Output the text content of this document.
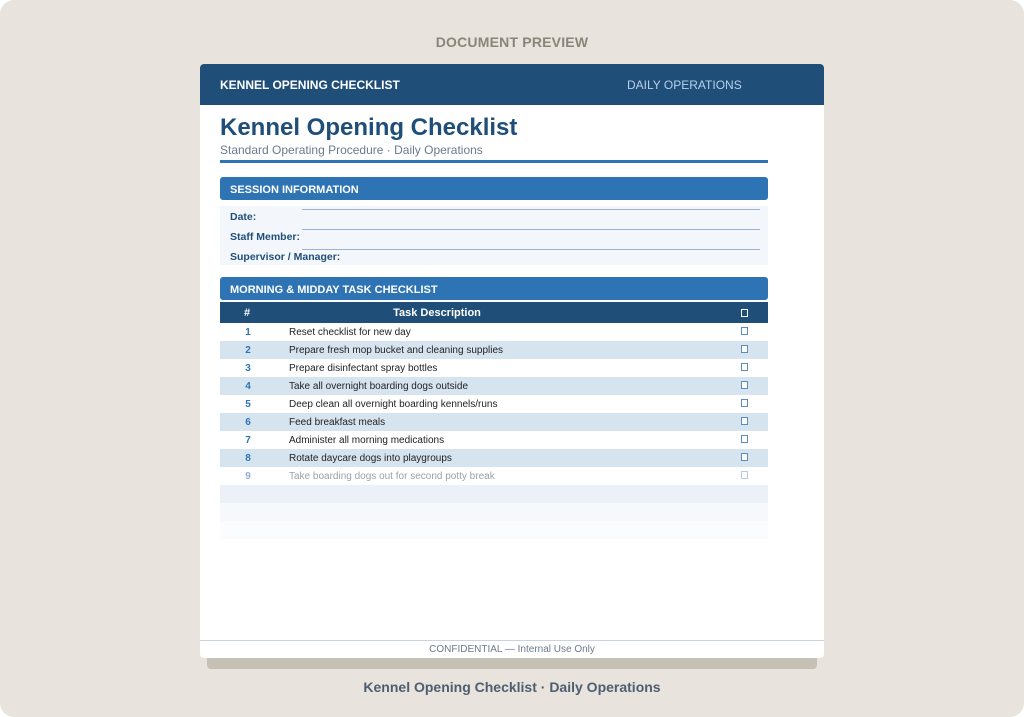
DOCUMENT PREVIEW
KENNEL OPENING CHECKLIST	DAILY OPERATIONS
Kennel Opening Checklist
Standard Operating Procedure · Daily Operations
SESSION INFORMATION
Date:
Staff Member:
Supervisor / Manager:
MORNING & MIDDAY TASK CHECKLIST
#	Task Description
1	Reset checklist for new day
2	Prepare fresh mop bucket and cleaning supplies
3	Prepare disinfectant spray bottles
4	Take all overnight boarding dogs outside
5	Deep clean all overnight boarding kennels/runs
6	Feed breakfast meals
7	Administer all morning medications
8	Rotate daycare dogs into playgroups
9	Take boarding dogs out for second potty break
CONFIDENTIAL — Internal Use Only
Kennel Opening Checklist · Daily Operations
